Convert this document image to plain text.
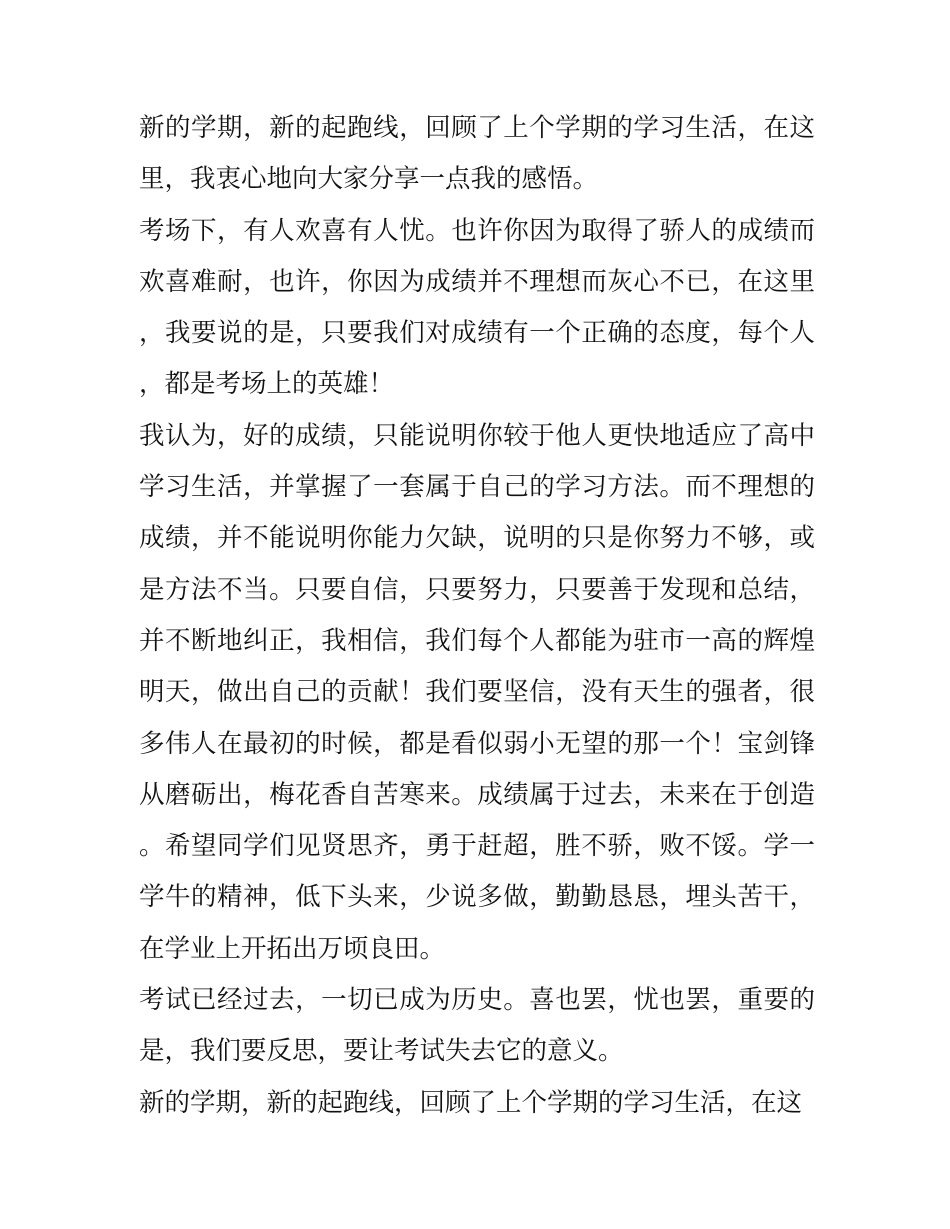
新的学期，新的起跑线，回顾了上个学期的学习生活，在这里，我衷心地向大家分享一点我的感悟。

考场下，有人欢喜有人忧。也许你因为取得了骄人的成绩而欢喜难耐，也许，你因为成绩并不理想而灰心不已，在这里，我要说的是，只要我们对成绩有一个正确的态度，每个人，都是考场上的英雄！

我认为，好的成绩，只能说明你较于他人更快地适应了高中学习生活，并掌握了一套属于自己的学习方法。而不理想的成绩，并不能说明你能力欠缺，说明的只是你努力不够，或是方法不当。只要自信，只要努力，只要善于发现和总结，并不断地纠正，我相信，我们每个人都能为驻市一高的辉煌明天，做出自己的贡献！我们要坚信，没有天生的强者，很多伟人在最初的时候，都是看似弱小无望的那一个！宝剑锋从磨砺出，梅花香自苦寒来。成绩属于过去，未来在于创造。希望同学们见贤思齐，勇于赶超，胜不骄，败不馁。学一学牛的精神，低下头来，少说多做，勤勤恳恳，埋头苦干，在学业上开拓出万顷良田。

考试已经过去，一切已成为历史。喜也罢，忧也罢，重要的是，我们要反思，要让考试失去它的意义。

新的学期，新的起跑线，回顾了上个学期的学习生活，在这
